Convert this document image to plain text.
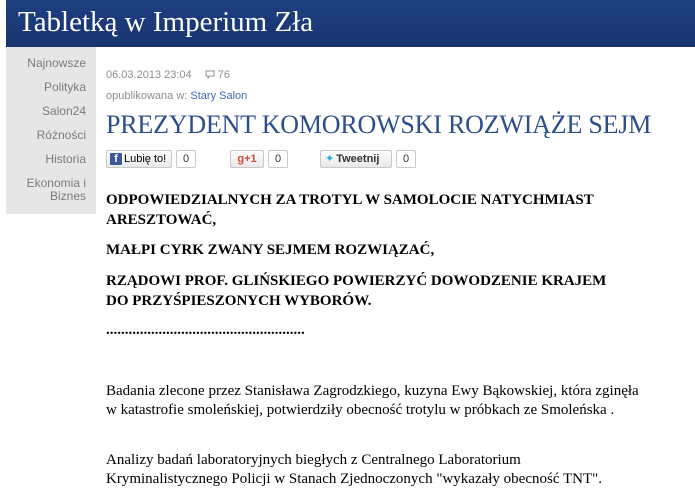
Tabletką w Imperium Zła
Najnowsze
Polityka
Salon24
Różności
Historia
Ekonomia i
Biznes
06.03.2013 23:04 76
opublikowana w: Stary Salon
PREZYDENT KOMOROWSKI ROZWIĄŻE SEJM
f Lubię to! 0	g+1 0	✦ Tweetnij 0
ODPOWIEDZIALNYCH ZA TROTYL W SAMOLOCIE NATYCHMIAST
ARESZTOWAĆ,
MAŁPI CYRK ZWANY SEJMEM ROZWIĄZAĆ,
RZĄDOWI PROF. GLIŃSKIEGO POWIERZYĆ DOWODZENIE KRAJEM
DO PRZYŚPIESZONYCH WYBORÓW.
.....................................................
Badania zlecone przez Stanisława Zagrodzkiego, kuzyna Ewy Bąkowskiej, która zginęła
w katastrofie smoleńskiej, potwierdziły obecność trotylu w próbkach ze Smoleńska .
Analizy badań laboratoryjnych biegłych z Centralnego Laboratorium
Kryminalistycznego Policji w Stanach Zjednoczonych "wykazały obecność TNT".
